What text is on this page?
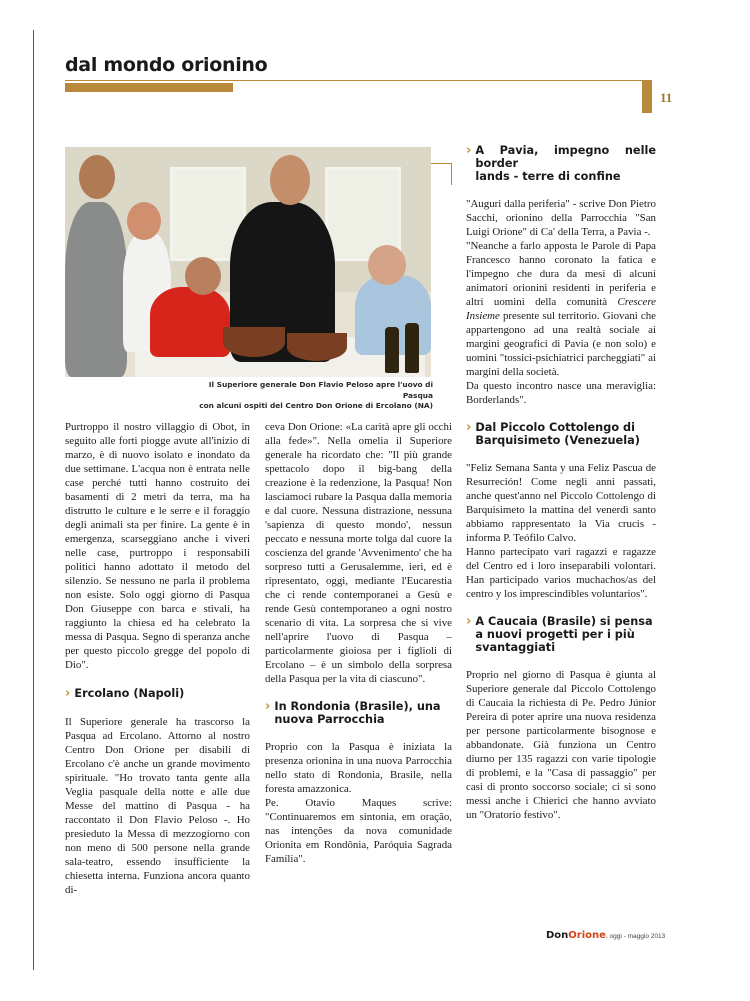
dal mondo orionino
11

Il Superiore generale Don Flavio Peloso apre l'uovo di Pasqua
con alcuni ospiti del Centro Don Orione di Ercolano (NA)

Purtroppo il nostro villaggio di Obot, in seguito alle forti piogge avute all'inizio di marzo, è di nuovo isolato e inondato da due settimane. L'acqua non è entrata nelle case perché tutti hanno costruito dei basamenti di 2 metri da terra, ma ha distrutto le culture e le serre e il foraggio degli animali sta per finire. La gente è in emergenza, scarseggiano anche i viveri nelle case, purtroppo i responsabili politici hanno adottato il metodo del silenzio. Se nessuno ne parla il problema non esiste. Solo oggi giorno di Pasqua Don Giuseppe con barca e stivali, ha raggiunto la chiesa ed ha celebrato la messa di Pasqua. Segno di speranza anche per questo piccolo gregge del popolo di Dio".

› Ercolano (Napoli)

Il Superiore generale ha trascorso la Pasqua ad Ercolano. Attorno al nostro Centro Don Orione per disabili di Ercolano c'è anche un grande movimento spirituale. "Ho trovato tanta gente alla Veglia pasquale della notte e alle due Messe del mattino di Pasqua - ha raccontato il Don Flavio Peloso -. Ho presieduto la Messa di mezzogiorno con non meno di 500 persone nella grande sala-teatro, essendo insufficiente la chiesetta interna. Funziona ancora quanto di-

ceva Don Orione: «La carità apre gli occhi alla fede»". Nella omelia il Superiore generale ha ricordato che: "Il più grande spettacolo dopo il big-bang della creazione è la redenzione, la Pasqua! Non lasciamoci rubare la Pasqua dalla memoria e dal cuore. Nessuna distrazione, nessuna 'sapienza di questo mondo', nessun peccato e nessuna morte tolga dal cuore la coscienza del grande 'Avvenimento' che ha sorpreso tutti a Gerusalemme, ieri, ed è ripresentato, oggi, mediante l'Eucarestia che ci rende contemporanei a Gesù e rende Gesù contemporaneo a ogni nostro scenario di vita. La sorpresa che si vive nell'aprire l'uovo di Pasqua – particolarmente gioiosa per i figlioli di Ercolano – è un simbolo della sorpresa della Pasqua per la vita di ciascuno".

› In Rondonia (Brasile), una
nuova Parrocchia

Proprio con la Pasqua è iniziata la presenza orionina in una nuova Parrocchia nello stato di Rondonia, Brasile, nella foresta amazzonica.

Pe. Otavio Maques scrive: "Continuaremos em sintonia, em oração, nas intenções da nova comunidade Orionita em Rondônia, Paróquia Sagrada Família".

› A Pavia, impegno nelle border
lands - terre di confine

"Auguri dalla periferia" - scrive Don Pietro Sacchi, orionino della Parrocchia "San Luigi Orione" di Ca' della Terra, a Pavia -.

"Neanche a farlo apposta le Parole di Papa Francesco hanno coronato la fatica e l'impegno che dura da mesi di alcuni animatori orionini residenti in periferia e altri uomini della comunità Crescere Insieme presente sul territorio. Giovani che appartengono ad una realtà sociale ai margini geografici di Pavia (e non solo) e uomini "tossici-psichiatrici parcheggiati" ai margini della società.

Da questo incontro nasce una meraviglia: Borderlands".

› Dal Piccolo Cottolengo di
Barquisimeto (Venezuela)

"Feliz Semana Santa y una Feliz Pascua de Resurreción! Come negli anni passati, anche quest'anno nel Piccolo Cottolengo di Barquisimeto la mattina del venerdì santo abbiamo rappresentato la Via crucis - informa P. Teófilo Calvo.

Hanno partecipato vari ragazzi e ragazze del Centro ed i loro inseparabili volontari. Han participado varios muchachos/as del centro y los imprescindibles voluntarios".

› A Caucaia (Brasile) si pensa
a nuovi progetti per i più
svantaggiati

Proprio nel giorno di Pasqua è giunta al Superiore generale dal Piccolo Cottolengo di Caucaia la richiesta di Pe. Pedro Júnior Pereira di poter aprire una nuova residenza per persone particolarmente bisognose e abbandonate. Già funziona un Centro diurno per 135 ragazzi con varie tipologie di problemi, e la "Casa di passaggio" per casi di pronto soccorso sociale; ci si sono messi anche i Chierici che hanno avviato un "Oratorio festivo".

DonOrione, oggi - maggio 2013
